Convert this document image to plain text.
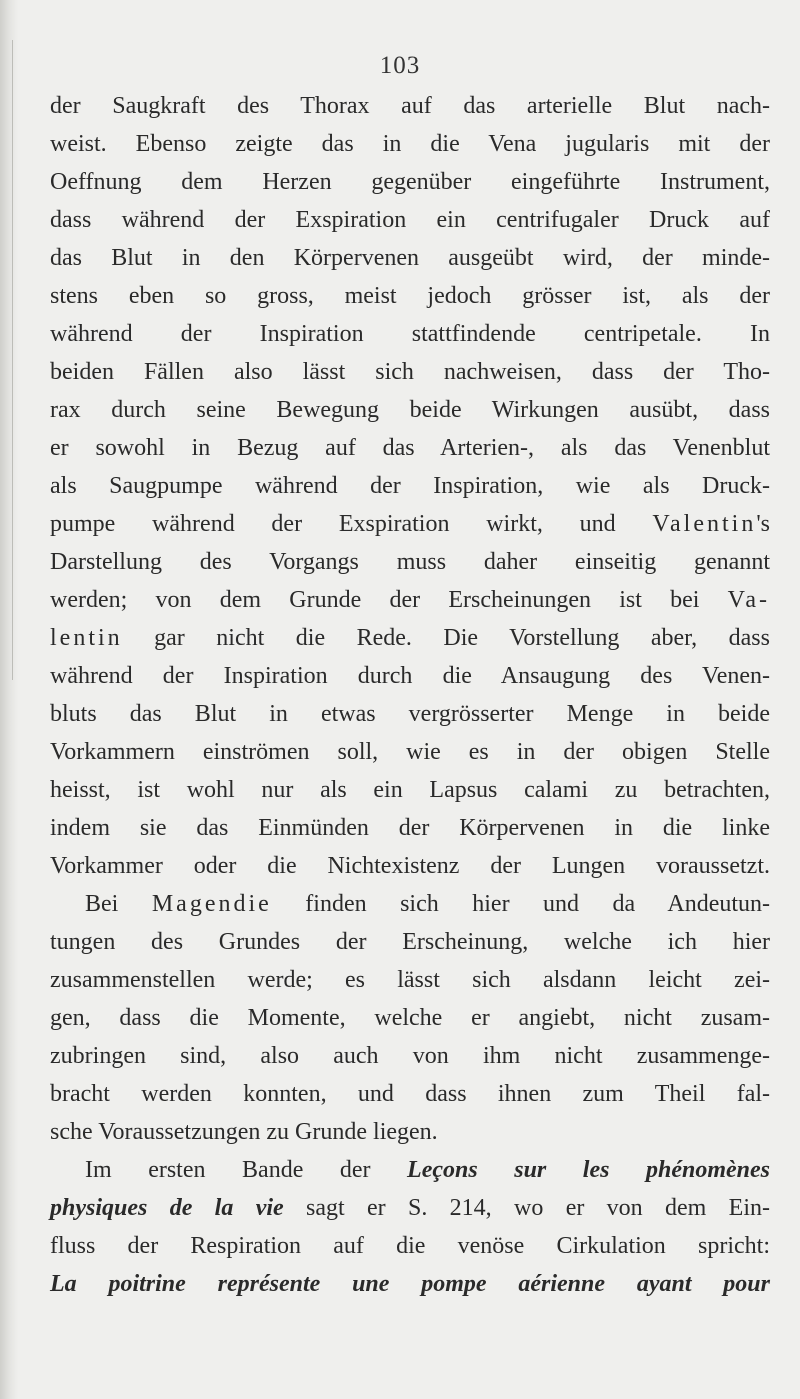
103
der Saugkraft des Thorax auf das arterielle Blut nach-
weist. Ebenso zeigte das in die Vena jugularis mit der
Oeffnung dem Herzen gegenüber eingeführte Instrument,
dass während der Exspiration ein centrifugaler Druck auf
das Blut in den Körpervenen ausgeübt wird, der minde-
stens eben so gross, meist jedoch grösser ist, als der
während der Inspiration stattfindende centripetale. In
beiden Fällen also lässt sich nachweisen, dass der Tho-
rax durch seine Bewegung beide Wirkungen ausübt, dass
er sowohl in Bezug auf das Arterien-, als das Venenblut
als Saugpumpe während der Inspiration, wie als Druck-
pumpe während der Exspiration wirkt, und Valentin's
Darstellung des Vorgangs muss daher einseitig genannt
werden; von dem Grunde der Erscheinungen ist bei Va-
lentin gar nicht die Rede. Die Vorstellung aber, dass
während der Inspiration durch die Ansaugung des Venen-
bluts das Blut in etwas vergrösserter Menge in beide
Vorkammern einströmen soll, wie es in der obigen Stelle
heisst, ist wohl nur als ein Lapsus calami zu betrachten,
indem sie das Einmünden der Körpervenen in die linke
Vorkammer oder die Nichtexistenz der Lungen voraussetzt.
Bei Magendie finden sich hier und da Andeutun-
tungen des Grundes der Erscheinung, welche ich hier
zusammenstellen werde; es lässt sich alsdann leicht zei-
gen, dass die Momente, welche er angiebt, nicht zusam-
zubringen sind, also auch von ihm nicht zusammenge-
bracht werden konnten, und dass ihnen zum Theil fal-
sche Voraussetzungen zu Grunde liegen.
Im ersten Bande der Leçons sur les phénomènes
physiques de la vie sagt er S. 214, wo er von dem Ein-
fluss der Respiration auf die venöse Cirkulation spricht:
La poitrine représente une pompe aérienne ayant pour
